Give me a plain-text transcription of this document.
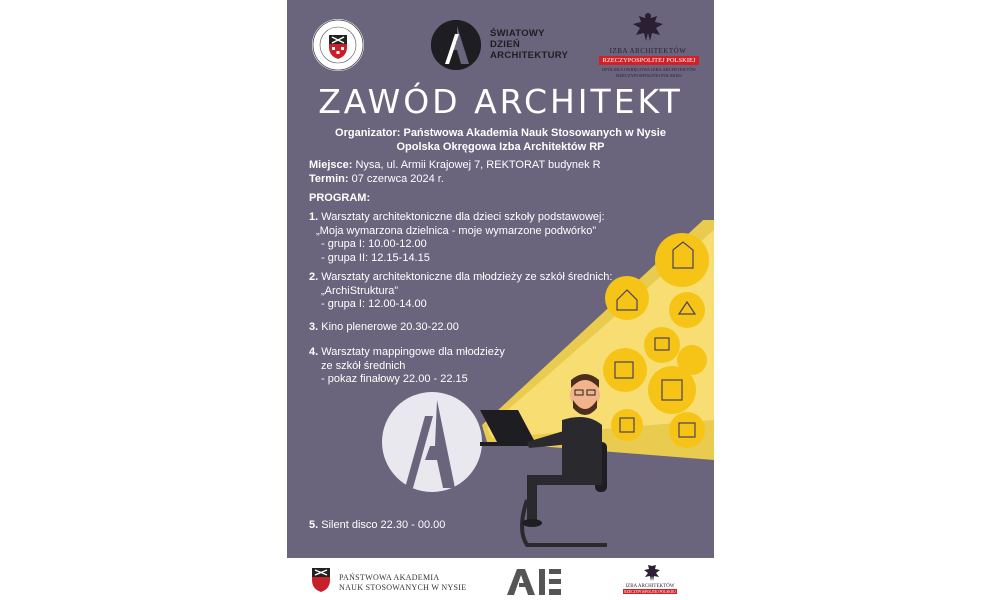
ŚWIATOWY
DZIEŃ
ARCHITEKTURY	IZBA ARCHITEKTÓW
RZECZYPOSPOLITEJ POLSKIEJ
OPOLSKA OKRĘGOWA IZBA ARCHITEKTÓW
RZECZYPOSPOLITEJ POLSKIEJ
ZAWÓD ARCHITEKT
Organizator: Państwowa Akademia Nauk Stosowanych w Nysie
Opolska Okręgowa Izba Architektów RP
Miejsce: Nysa, ul. Armii Krajowej 7, REKTORAT budynek R
Termin: 07 czerwca 2024 r.
PROGRAM:
1. Warsztaty architektoniczne dla dzieci szkoły podstawowej:
„Moja wymarzona dzielnica - moje wymarzone podwórko”
- grupa I: 10.00-12.00
- grupa II: 12.15-14.15
2. Warsztaty architektoniczne dla młodzieży ze szkół średnich:
„ArchiStruktura”
- grupa I: 12.00-14.00
3. Kino plenerowe 20.30-22.00
4. Warsztaty mappingowe dla młodzieży
ze szkół średnich
- pokaz finałowy 22.00 - 22.15
5. Silent disco 22.30 - 00.00
PAŃSTWOWA AKADEMIA
NAUK STOSOWANYCH W NYSIE	IZBA ARCHITEKTÓW
RZECZYPOSPOLITEJ POLSKIEJ
